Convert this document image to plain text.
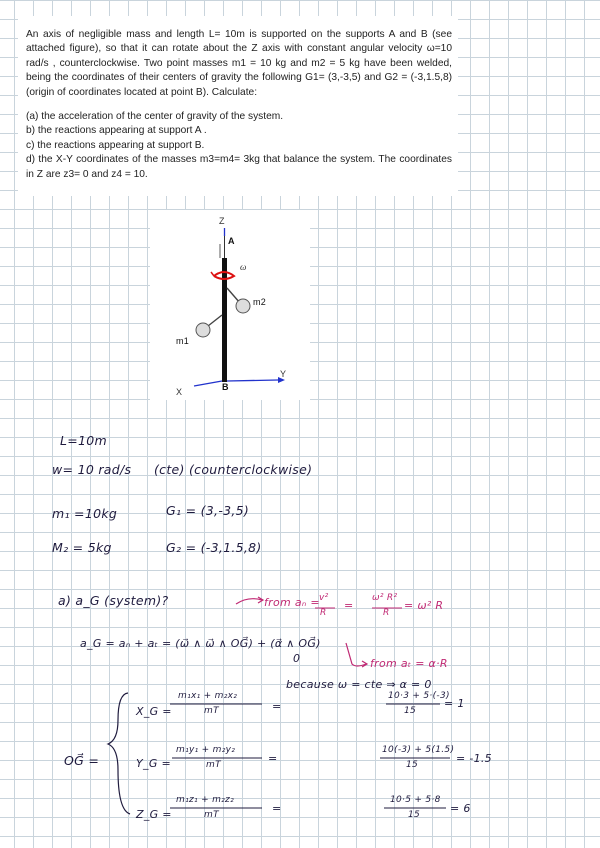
An axis of negligible mass and length L= 10m is supported on the supports A and B (see attached figure), so that it can rotate about the Z axis with constant angular velocity ω=10 rad/s , counterclockwise. Two point masses m1 = 10 kg and m2 = 5 kg have been welded, being the coordinates of their centers of gravity the following G1= (3,-3,5) and G2 = (-3,1.5,8) (origin of coordinates located at point B). Calculate:

(a) the acceleration of the center of gravity of the system.

b) the reactions appearing at support A .

c) the reactions appearing at support B.

d) the X-Y coordinates of the masses m3=m4= 3kg that balance the system. The coordinates in Z are z3= 0 and z4 = 10.

Z
A
ω
m2
m1
B
Y
X
L=10m
w= 10 rad/s (cte) (counterclockwise)
m₁ =10kg	G₁ = (3,-3,5)
M₂ = 5kg	G₂ = (-3,1.5,8)
a) a_G (system)?	from aₙ = v²
R
=
ω² R²
R
= ω² R
a_G = aₙ + aₜ = (ω⃗ ∧ ω⃗ ∧ OG⃗) + (α⃗ ∧ OG⃗)
0	from aₜ = α·R
because ω = cte ⇒ α = 0
OG⃗ =
X_G =
m₁x₁ + m₂x₂
mT	=
10·3 + 5·(-3)
15
= 1
Y_G =
m₁y₁ + m₂y₂
mT	=
10(-3) + 5(1.5)
15	= -1.5
Z_G =
m₁z₁ + m₂z₂
mT	=
10·5 + 5·8
15	= 6
